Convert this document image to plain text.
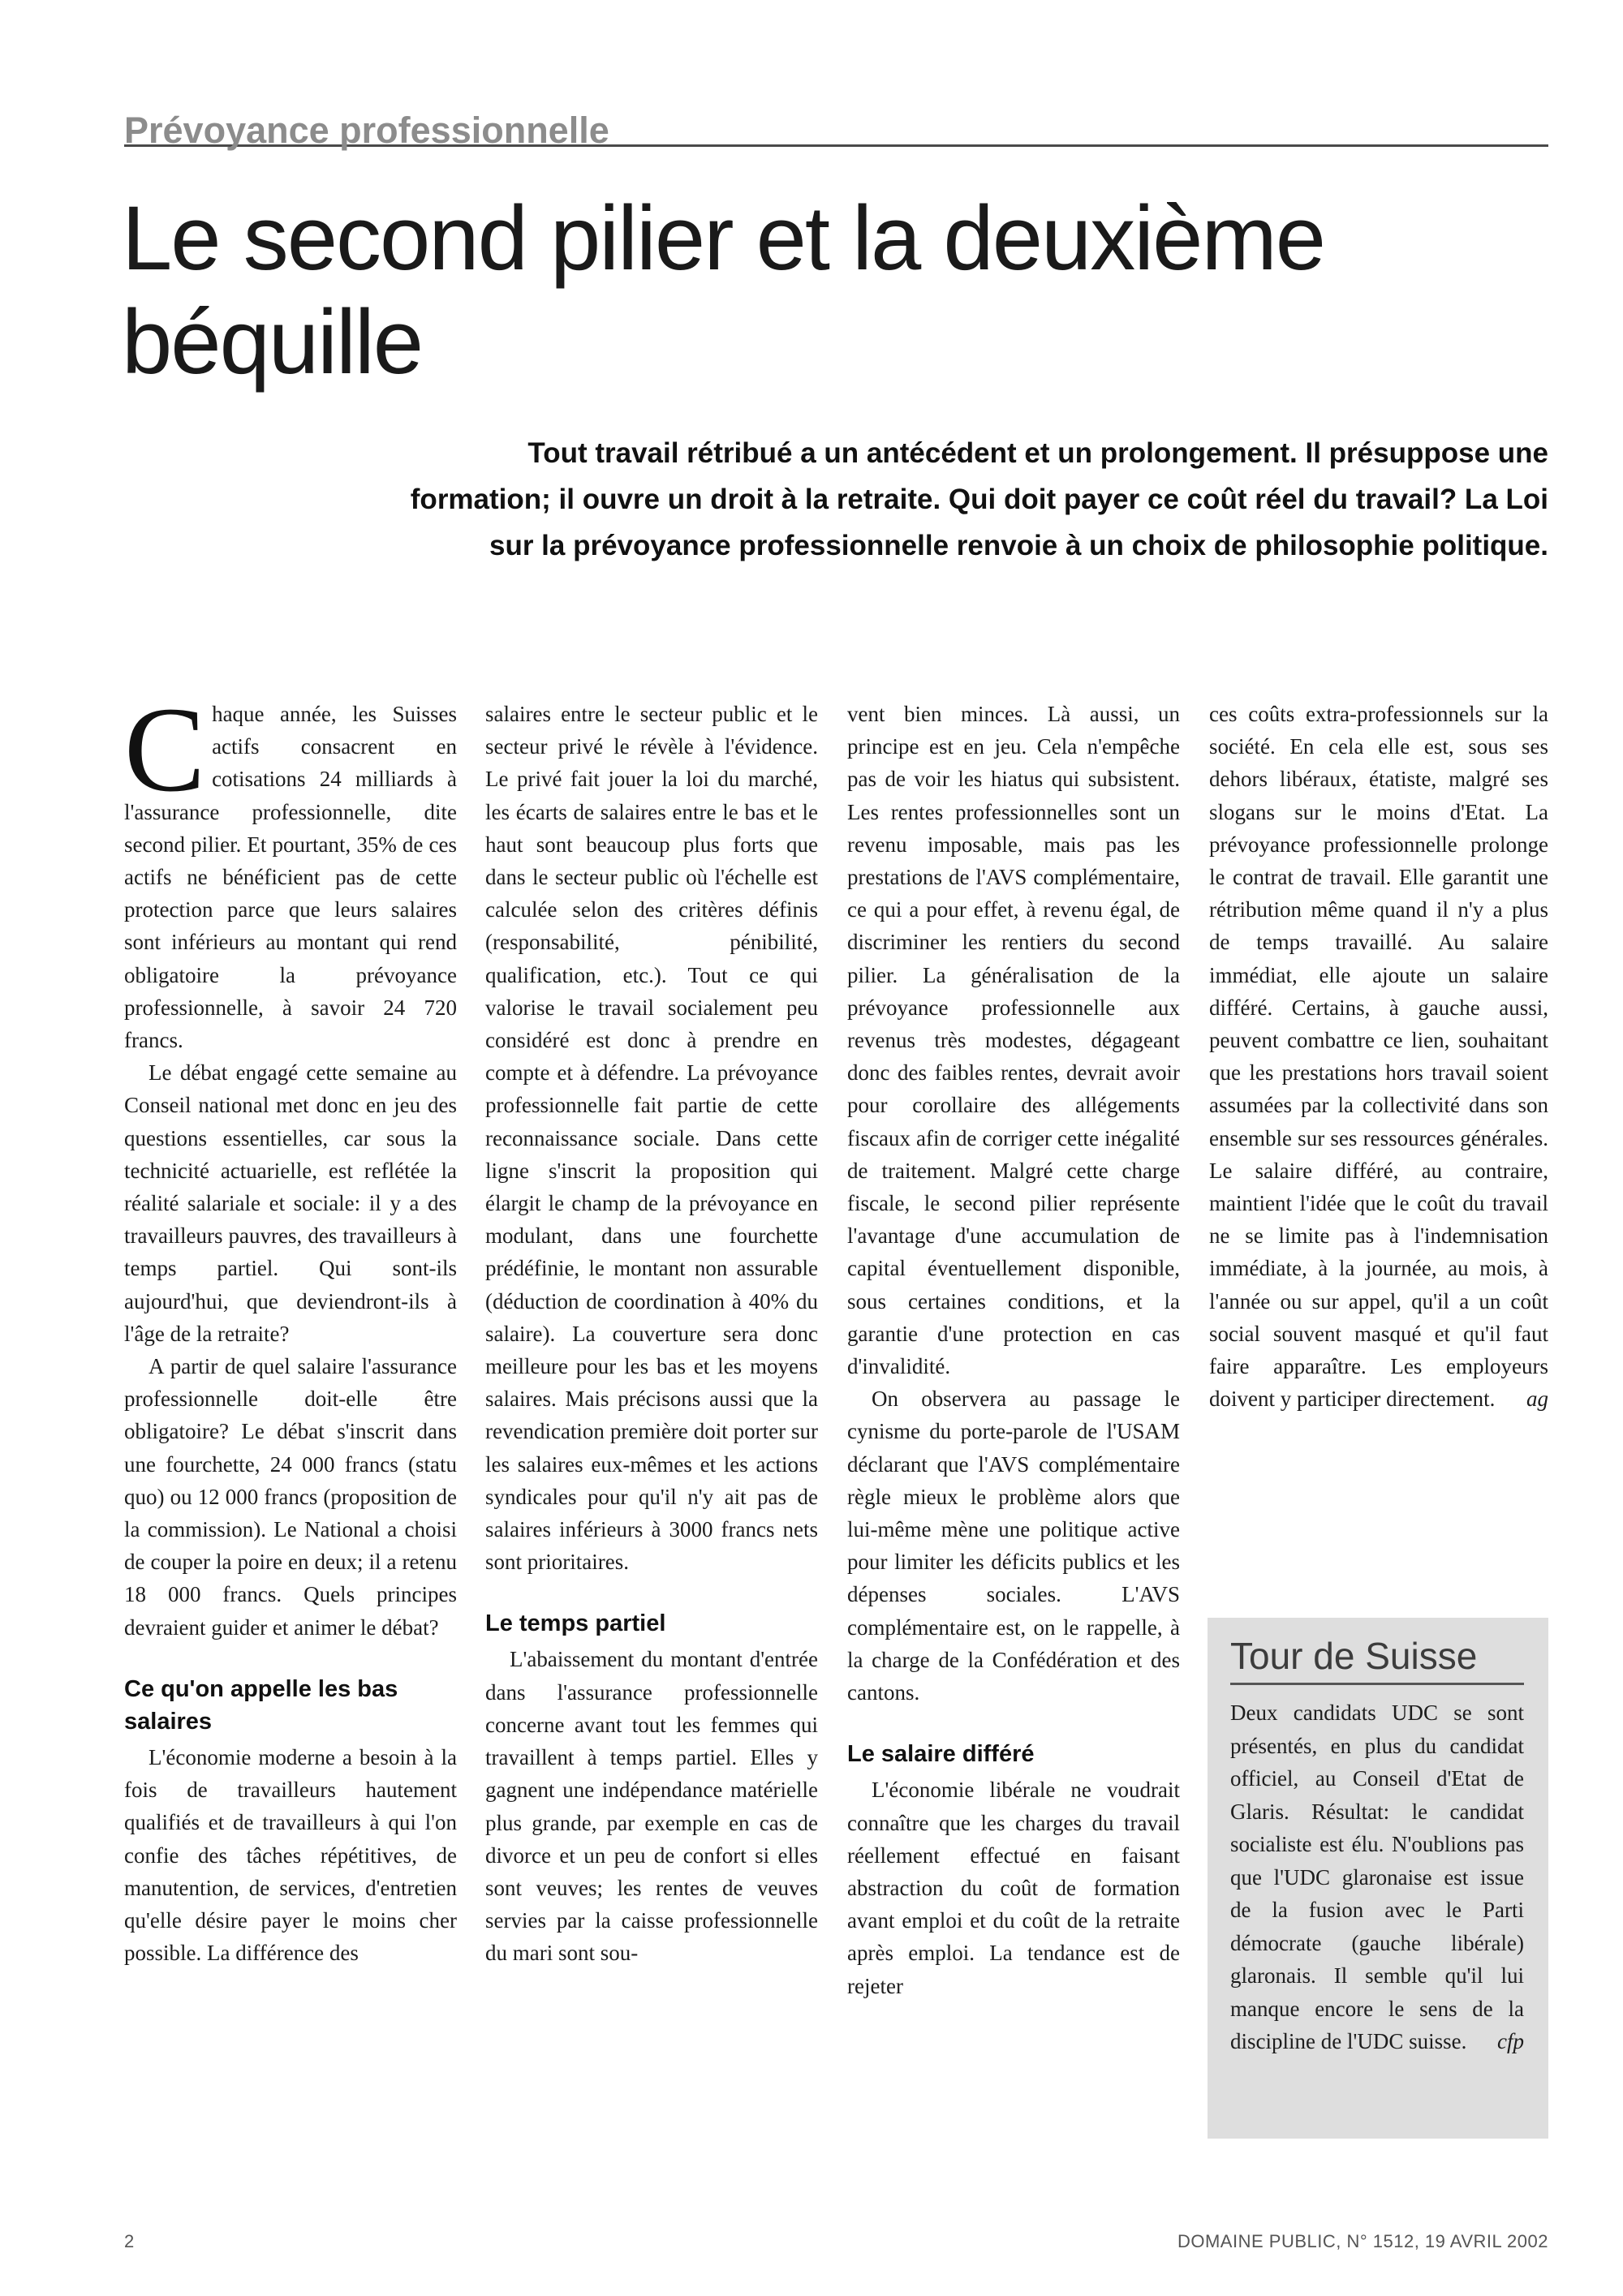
Prévoyance professionnelle
Le second pilier et la deuxième béquille
Tout travail rétribué a un antécédent et un prolongement. Il présuppose une formation; il ouvre un droit à la retraite. Qui doit payer ce coût réel du travail? La Loi sur la prévoyance professionnelle renvoie à un choix de philosophie politique.

Chaque année, les Suisses actifs consacrent en cotisations 24 milliards à l'assurance professionnelle, dite second pilier. Et pourtant, 35% de ces actifs ne bénéficient pas de cette protection parce que leurs salaires sont inférieurs au montant qui rend obligatoire la prévoyance professionnelle, à savoir 24 720 francs.

Le débat engagé cette semaine au Conseil national met donc en jeu des questions essentielles, car sous la technicité actuarielle, est reflétée la réalité salariale et sociale: il y a des travailleurs pauvres, des travailleurs à temps partiel. Qui sont-ils aujourd'hui, que deviendront-ils à l'âge de la retraite?

A partir de quel salaire l'assurance professionnelle doit-elle être obligatoire? Le débat s'inscrit dans une fourchette, 24 000 francs (statu quo) ou 12 000 francs (proposition de la commission). Le National a choisi de couper la poire en deux; il a retenu 18 000 francs. Quels principes devraient guider et animer le débat?

Ce qu'on appelle les bas salaires

L'économie moderne a besoin à la fois de travailleurs hautement qualifiés et de travailleurs à qui l'on confie des tâches répétitives, de manutention, de services, d'entretien qu'elle désire payer le moins cher possible. La différence des

salaires entre le secteur public et le secteur privé le révèle à l'évidence. Le privé fait jouer la loi du marché, les écarts de salaires entre le bas et le haut sont beaucoup plus forts que dans le secteur public où l'échelle est calculée selon des critères définis (responsabilité, pénibilité, qualification, etc.). Tout ce qui valorise le travail socialement peu considéré est donc à prendre en compte et à défendre. La prévoyance professionnelle fait partie de cette reconnaissance sociale. Dans cette ligne s'inscrit la proposition qui élargit le champ de la prévoyance en modulant, dans une fourchette prédéfinie, le montant non assurable (déduction de coordination à 40% du salaire). La couverture sera donc meilleure pour les bas et les moyens salaires. Mais précisons aussi que la revendication première doit porter sur les salaires eux-mêmes et les actions syndicales pour qu'il n'y ait pas de salaires inférieurs à 3000 francs nets sont prioritaires.

Le temps partiel

L'abaissement du montant d'entrée dans l'assurance professionnelle concerne avant tout les femmes qui travaillent à temps partiel. Elles y gagnent une indépendance matérielle plus grande, par exemple en cas de divorce et un peu de confort si elles sont veuves; les rentes de veuves servies par la caisse professionnelle du mari sont sou-

vent bien minces. Là aussi, un principe est en jeu. Cela n'empêche pas de voir les hiatus qui subsistent. Les rentes professionnelles sont un revenu imposable, mais pas les prestations de l'AVS complémentaire, ce qui a pour effet, à revenu égal, de discriminer les rentiers du second pilier. La généralisation de la prévoyance professionnelle aux revenus très modestes, dégageant donc des faibles rentes, devrait avoir pour corollaire des allégements fiscaux afin de corriger cette inégalité de traitement. Malgré cette charge fiscale, le second pilier représente l'avantage d'une accumulation de capital éventuellement disponible, sous certaines conditions, et la garantie d'une protection en cas d'invalidité.

On observera au passage le cynisme du porte-parole de l'USAM déclarant que l'AVS complémentaire règle mieux le problème alors que lui-même mène une politique active pour limiter les déficits publics et les dépenses sociales. L'AVS complémentaire est, on le rappelle, à la charge de la Confédération et des cantons.

Le salaire différé

L'économie libérale ne voudrait connaître que les charges du travail réellement effectué en faisant abstraction du coût de formation avant emploi et du coût de la retraite après emploi. La tendance est de rejeter

ces coûts extra-professionnels sur la société. En cela elle est, sous ses dehors libéraux, étatiste, malgré ses slogans sur le moins d'Etat. La prévoyance professionnelle prolonge le contrat de travail. Elle garantit une rétribution même quand il n'y a plus de temps travaillé. Au salaire immédiat, elle ajoute un salaire différé. Certains, à gauche aussi, peuvent combattre ce lien, souhaitant que les prestations hors travail soient assumées par la collectivité dans son ensemble sur ses ressources générales. Le salaire différé, au contraire, maintient l'idée que le coût du travail ne se limite pas à l'indemnisation immédiate, à la journée, au mois, à l'année ou sur appel, qu'il a un coût social souvent masqué et qu'il faut faire apparaître. Les employeurs doivent y participer directement. ag

Tour de Suisse
Deux candidats UDC se sont présentés, en plus du candidat officiel, au Conseil d'Etat de Glaris. Résultat: le candidat socialiste est élu. N'oublions pas que l'UDC glaronaise est issue de la fusion avec le Parti démocrate (gauche libérale) glaronais. Il semble qu'il lui manque encore le sens de la discipline de l'UDC suisse. cfp
2	DOMAINE PUBLIC, N° 1512, 19 AVRIL 2002
